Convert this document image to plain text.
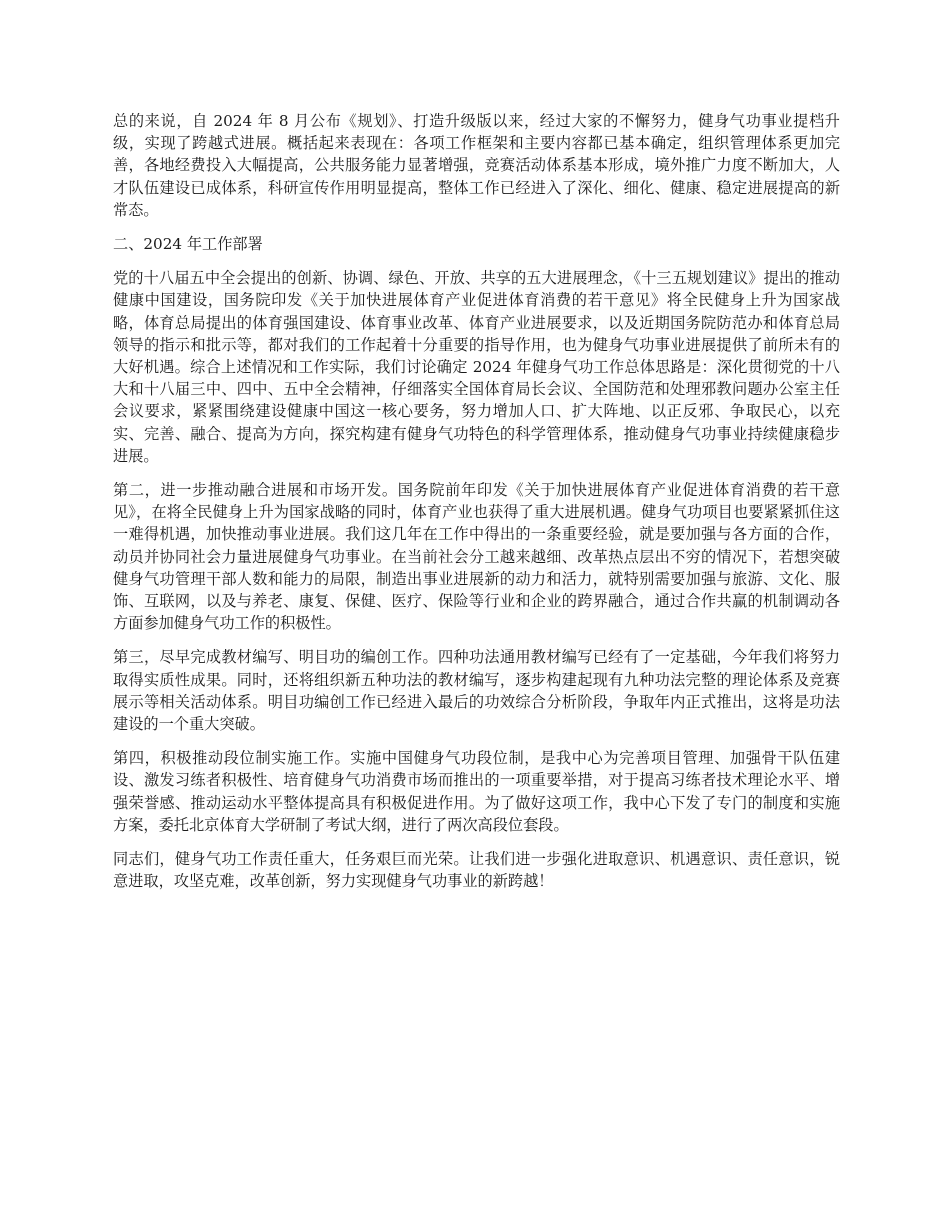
总的来说，自 2024 年 8 月公布《规划》、打造升级版以来，经过大家的不懈努力，健身气功事业提档升级，实现了跨越式进展。概括起来表现在：各项工作框架和主要内容都已基本确定，组织管理体系更加完善，各地经费投入大幅提高，公共服务能力显著增强，竞赛活动体系基本形成，境外推广力度不断加大，人才队伍建设已成体系，科研宣传作用明显提高，整体工作已经进入了深化、细化、健康、稳定进展提高的新常态。

二、2024 年工作部署

党的十八届五中全会提出的创新、协调、绿色、开放、共享的五大进展理念，《十三五规划建议》提出的推动健康中国建设，国务院印发《关于加快进展体育产业促进体育消费的若干意见》将全民健身上升为国家战略，体育总局提出的体育强国建设、体育事业改革、体育产业进展要求，以及近期国务院防范办和体育总局领导的指示和批示等，都对我们的工作起着十分重要的指导作用，也为健身气功事业进展提供了前所未有的大好机遇。综合上述情况和工作实际，我们讨论确定 2024 年健身气功工作总体思路是：深化贯彻党的十八大和十八届三中、四中、五中全会精神，仔细落实全国体育局长会议、全国防范和处理邪教问题办公室主任会议要求，紧紧围绕建设健康中国这一核心要务，努力增加人口、扩大阵地、以正反邪、争取民心，以充实、完善、融合、提高为方向，探究构建有健身气功特色的科学管理体系，推动健身气功事业持续健康稳步进展。

第二，进一步推动融合进展和市场开发。国务院前年印发《关于加快进展体育产业促进体育消费的若干意见》，在将全民健身上升为国家战略的同时，体育产业也获得了重大进展机遇。健身气功项目也要紧紧抓住这一难得机遇，加快推动事业进展。我们这几年在工作中得出的一条重要经验，就是要加强与各方面的合作，动员并协同社会力量进展健身气功事业。在当前社会分工越来越细、改革热点层出不穷的情况下，若想突破健身气功管理干部人数和能力的局限，制造出事业进展新的动力和活力，就特别需要加强与旅游、文化、服饰、互联网，以及与养老、康复、保健、医疗、保险等行业和企业的跨界融合，通过合作共赢的机制调动各方面参加健身气功工作的积极性。

第三，尽早完成教材编写、明目功的编创工作。四种功法通用教材编写已经有了一定基础，今年我们将努力取得实质性成果。同时，还将组织新五种功法的教材编写，逐步构建起现有九种功法完整的理论体系及竞赛展示等相关活动体系。明目功编创工作已经进入最后的功效综合分析阶段，争取年内正式推出，这将是功法建设的一个重大突破。

第四，积极推动段位制实施工作。实施中国健身气功段位制，是我中心为完善项目管理、加强骨干队伍建设、激发习练者积极性、培育健身气功消费市场而推出的一项重要举措，对于提高习练者技术理论水平、增强荣誉感、推动运动水平整体提高具有积极促进作用。为了做好这项工作，我中心下发了专门的制度和实施方案，委托北京体育大学研制了考试大纲，进行了两次高段位套段。

同志们，健身气功工作责任重大，任务艰巨而光荣。让我们进一步强化进取意识、机遇意识、责任意识，锐意进取，攻坚克难，改革创新，努力实现健身气功事业的新跨越！
